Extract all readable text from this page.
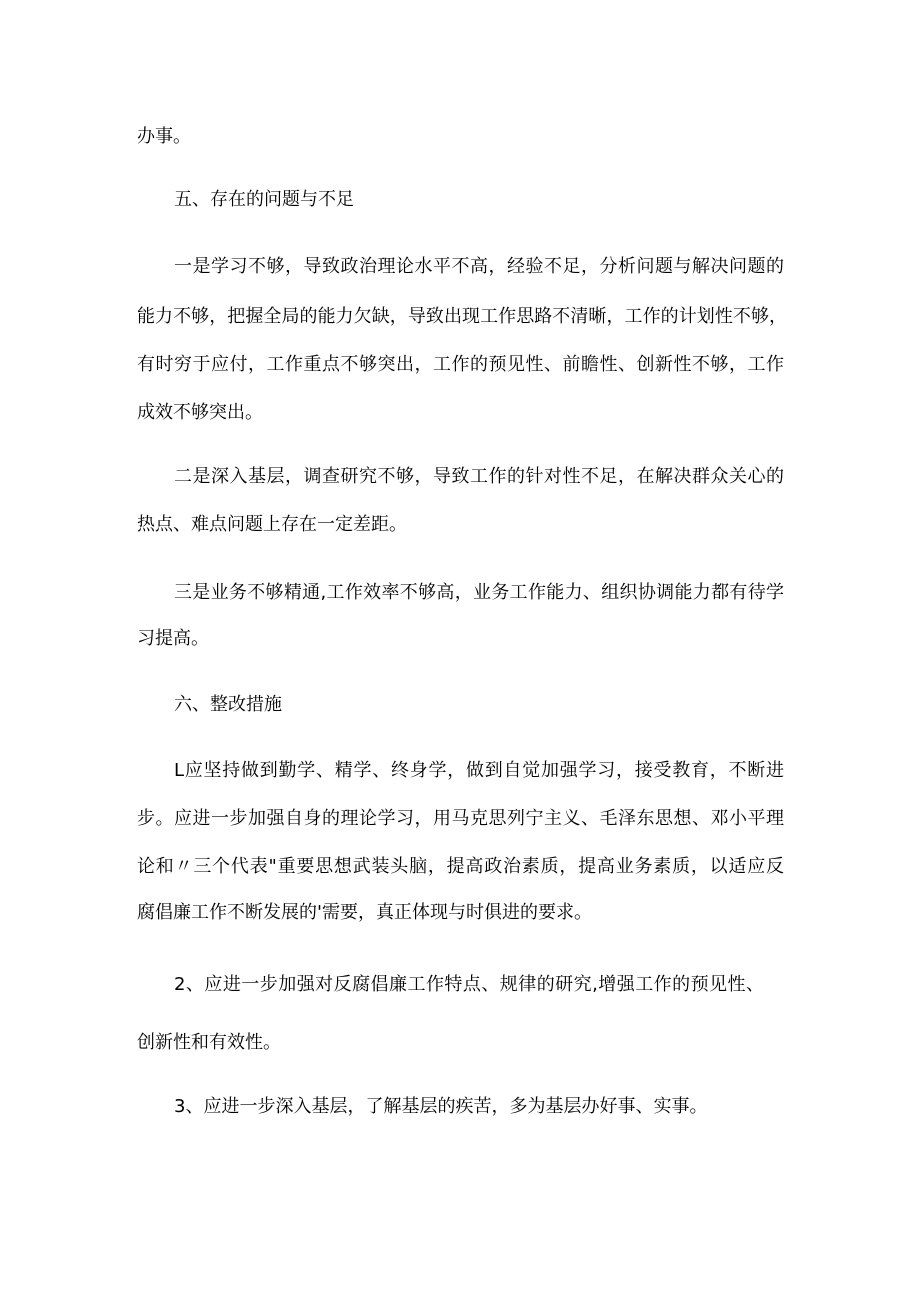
办事。
五、存在的问题与不足
一是学习不够，导致政治理论水平不高，经验不足，分析问题与解决问题的
能力不够，把握全局的能力欠缺，导致出现工作思路不清晰，工作的计划性不够，
有时穷于应付，工作重点不够突出，工作的预见性、前瞻性、创新性不够，工作
成效不够突出。
二是深入基层，调查研究不够，导致工作的针对性不足，在解决群众关心的
热点、难点问题上存在一定差距。
三是业务不够精通,工作效率不够高，业务工作能力、组织协调能力都有待学
习提高。
六、整改措施
L应坚持做到勤学、精学、终身学，做到自觉加强学习，接受教育，不断进
步。应进一步加强自身的理论学习，用马克思列宁主义、毛泽东思想、邓小平理
论和〃三个代表"重要思想武装头脑，提高政治素质，提高业务素质，以适应反
腐倡廉工作不断发展的'需要，真正体现与时俱进的要求。
2、应进一步加强对反腐倡廉工作特点、规律的研究,增强工作的预见性、
创新性和有效性。
3、应进一步深入基层，了解基层的疾苦，多为基层办好事、实事。
